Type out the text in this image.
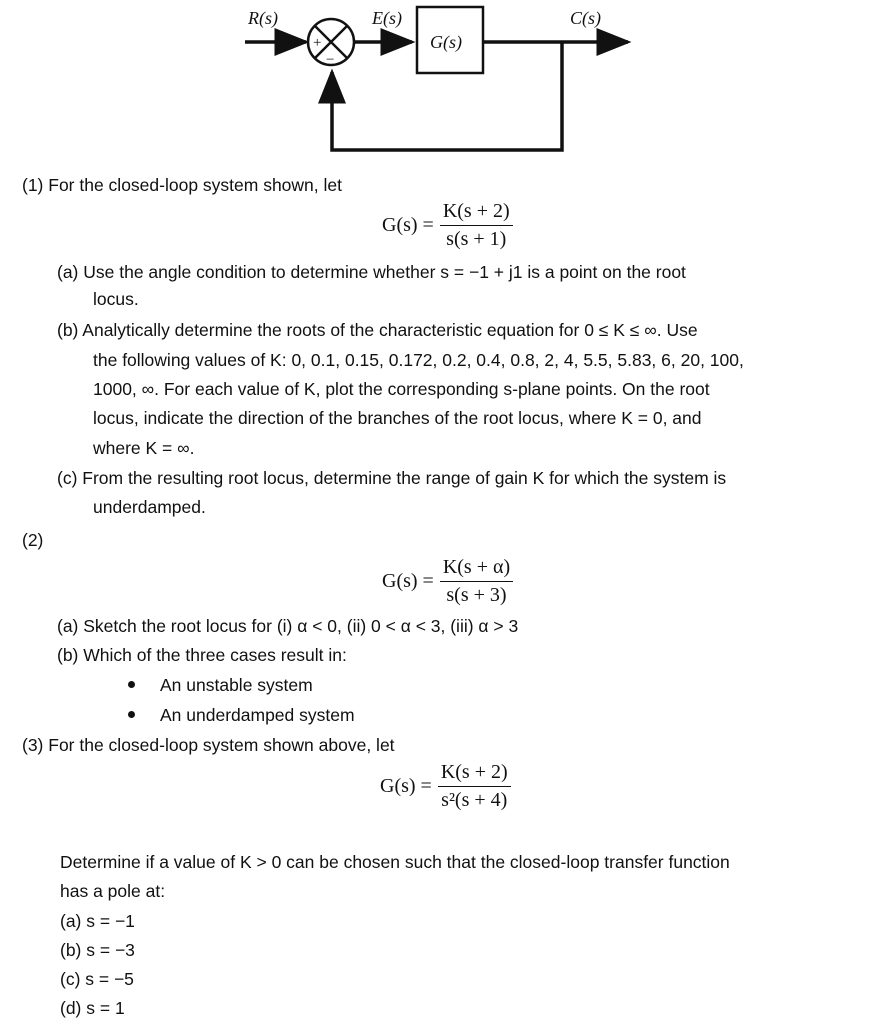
R(s)	E(s)
G(s)
C(s)
+
−
(1) For the closed-loop system shown, let
$G(s) = \frac{K(s + 2)}{s(s + 1)}$
(a) Use the angle condition to determine whether s = −1 + j1 is a point on the root
locus.
(b) Analytically determine the roots of the characteristic equation for 0 ≤ K ≤ ∞. Use
the following values of K: 0, 0.1, 0.15, 0.172, 0.2, 0.4, 0.8, 2, 4, 5.5, 5.83, 6, 20, 100,
1000, ∞. For each value of K, plot the corresponding s-plane points. On the root
locus, indicate the direction of the branches of the root locus, where K = 0, and
where K = ∞.
(c) From the resulting root locus, determine the range of gain K for which the system is
underdamped.
(2)
$G(s) = \frac{K(s + \alpha)}{s(s + 3)}$
(a) Sketch the root locus for (i) α < 0, (ii) 0 < α < 3, (iii) α > 3
(b) Which of the three cases result in:
An unstable system
An underdamped system
(3) For the closed-loop system shown above, let
$G(s) = \frac{K(s + 2)}{\text{s²(s + 4)}}$
Determine if a value of K > 0 can be chosen such that the closed-loop transfer function
has a pole at:
(a) s = −1
(b) s = −3
(c) s = −5
(d) s = 1
